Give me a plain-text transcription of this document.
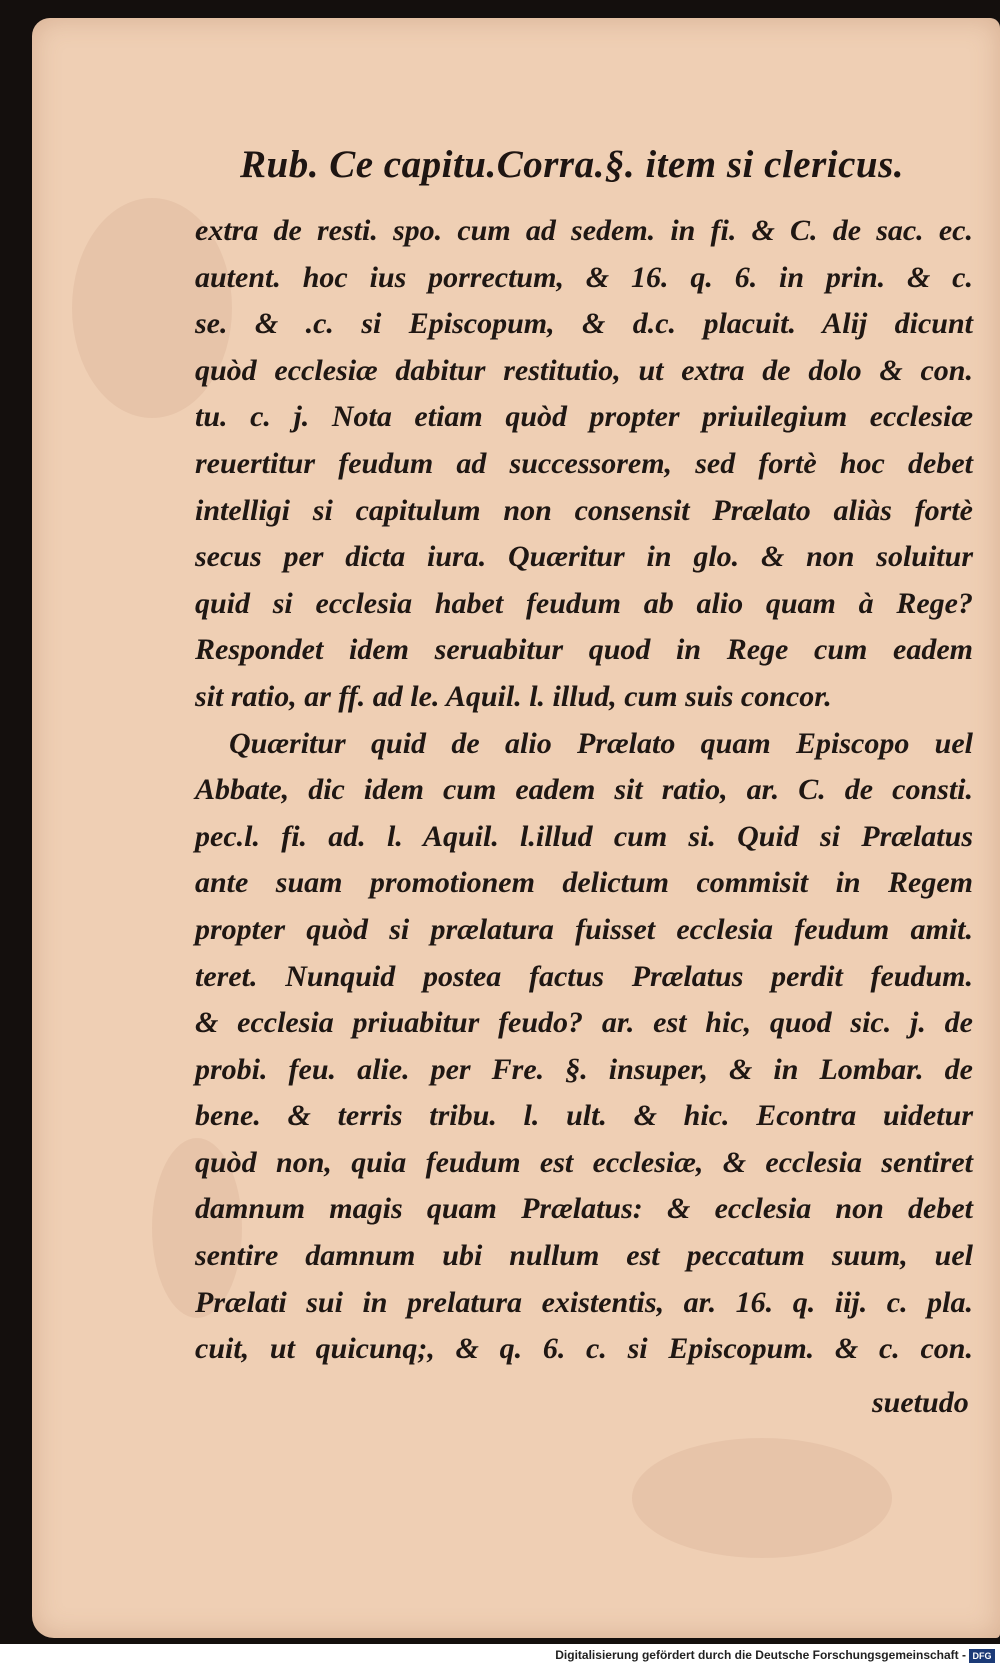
Rub. Ce capitu.Corra.§. item si clericus.
extra de resti. spo. cum ad sedem. in fi. & C. de sac. ec.
autent. hoc ius porrectum, & 16. q. 6. in prin. & c.
se. & .c. si Episcopum, & d.c. placuit. Alij dicunt
quòd ecclesiæ dabitur restitutio, ut extra de dolo & con.
tu. c. j. Nota etiam quòd propter priuilegium ecclesiæ
reuertitur feudum ad successorem, sed fortè hoc debet
intelligi si capitulum non consensit Prælato aliàs fortè
secus per dicta iura. Quæritur in glo. & non soluitur
quid si ecclesia habet feudum ab alio quam à Rege?
Respondet idem seruabitur quod in Rege cum eadem
sit ratio, ar ff. ad le. Aquil. l. illud, cum suis concor.
Quæritur quid de alio Prælato quam Episcopo uel
Abbate, dic idem cum eadem sit ratio, ar. C. de consti.
pec.l. fi. ad. l. Aquil. l.illud cum si. Quid si Prælatus
ante suam promotionem delictum commisit in Regem
propter quòd si prælatura fuisset ecclesia feudum amit.
teret. Nunquid postea factus Prælatus perdit feudum.
& ecclesia priuabitur feudo? ar. est hic, quod sic. j. de
probi. feu. alie. per Fre. §. insuper, & in Lombar. de
bene. & terris tribu. l. ult. & hic. Econtra uidetur
quòd non, quia feudum est ecclesiæ, & ecclesia sentiret
damnum magis quam Prælatus: & ecclesia non debet
sentire damnum ubi nullum est peccatum suum, uel
Prælati sui in prelatura existentis, ar. 16. q. iij. c. pla.
cuit, ut quicunq;, & q. 6. c. si Episcopum. & c. con.
suetudo
Digitalisierung gefördert durch die Deutsche Forschungsgemeinschaft - DFG
